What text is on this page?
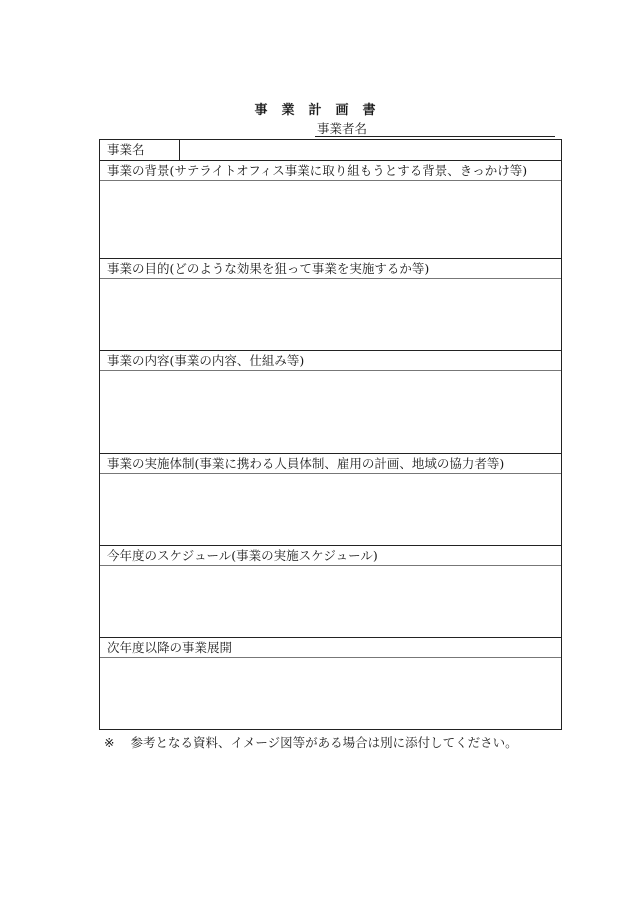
事業計画書
事業者名
事業名
事業の背景(サテライトオフィス事業に取り組もうとする背景、きっかけ等)
事業の目的(どのような効果を狙って事業を実施するか等)
事業の内容(事業の内容、仕組み等)
事業の実施体制(事業に携わる人員体制、雇用の計画、地域の協力者等)
今年度のスケジュール(事業の実施スケジュール)
次年度以降の事業展開
※ 参考となる資料、イメージ図等がある場合は別に添付してください。
